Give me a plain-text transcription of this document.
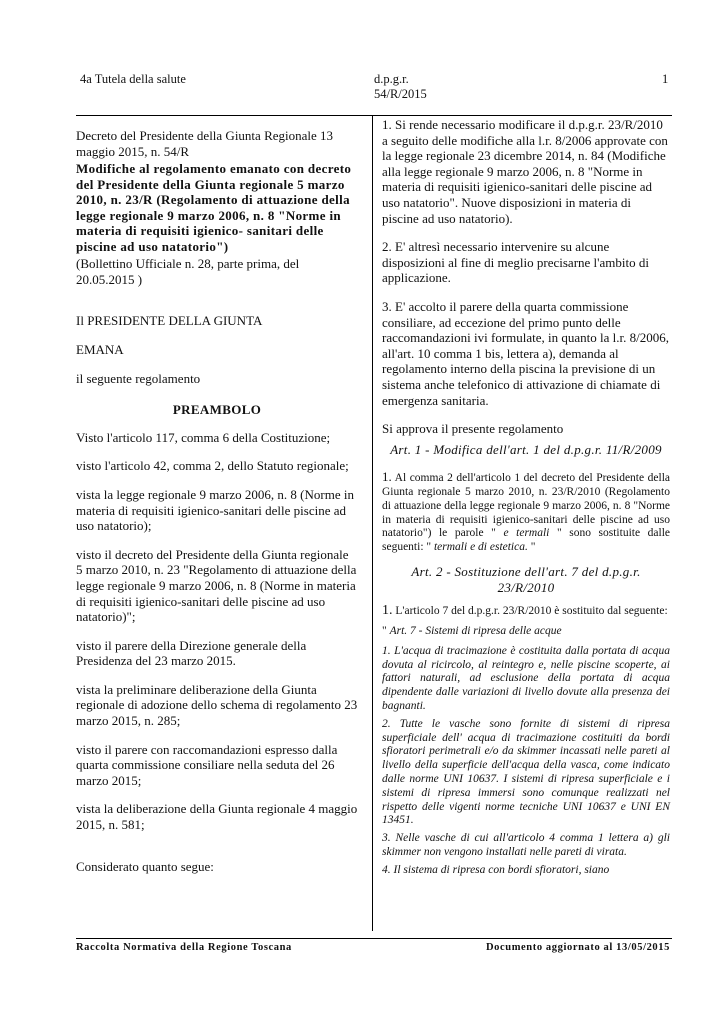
4a Tutela della salute	d.p.g.r.
54/R/2015
1

Decreto del Presidente della Giunta Regionale 13 maggio 2015, n. 54/R

Modifiche al regolamento emanato con decreto del Presidente della Giunta regionale 5 marzo 2010, n. 23/R (Regolamento di attuazione della legge regionale 9 marzo 2006, n. 8 "Norme in materia di requisiti igienico- sanitari delle piscine ad uso natatorio")

(Bollettino Ufficiale n. 28, parte prima, del 20.05.2015 )

Il PRESIDENTE DELLA GIUNTA

EMANA

il seguente regolamento

PREAMBOLO

Visto l'articolo 117, comma 6 della Costituzione;

visto l'articolo 42, comma 2, dello Statuto regionale;

vista la legge regionale 9 marzo 2006, n. 8 (Norme in materia di requisiti igienico-sanitari delle piscine ad uso natatorio);

visto il decreto del Presidente della Giunta regionale 5 marzo 2010, n. 23 "Regolamento di attuazione della legge regionale 9 marzo 2006, n. 8 (Norme in materia di requisiti igienico-sanitari delle piscine ad uso natatorio)";

visto il parere della Direzione generale della Presidenza del 23 marzo 2015.

vista la preliminare deliberazione della Giunta regionale di adozione dello schema di regolamento 23 marzo 2015, n. 285;

visto il parere con raccomandazioni espresso dalla quarta commissione consiliare nella seduta del 26 marzo 2015;

vista la deliberazione della Giunta regionale 4 maggio 2015, n. 581;

Considerato quanto segue:

1. Si rende necessario modificare il d.p.g.r. 23/R/2010 a seguito delle modifiche alla l.r. 8/2006 approvate con la legge regionale 23 dicembre 2014, n. 84 (Modifiche alla legge regionale 9 marzo 2006, n. 8 "Norme in materia di requisiti igienico-sanitari delle piscine ad uso natatorio". Nuove disposizioni in materia di piscine ad uso natatorio).

2. E' altresì necessario intervenire su alcune disposizioni al fine di meglio precisarne l'ambito di applicazione.

3. E' accolto il parere della quarta commissione consiliare, ad eccezione del primo punto delle raccomandazioni ivi formulate, in quanto la l.r. 8/2006, all'art. 10 comma 1 bis, lettera a), demanda al regolamento interno della piscina la previsione di un sistema anche telefonico di attivazione di chiamate di emergenza sanitaria.

Si approva il presente regolamento

Art. 1 - Modifica dell'art. 1 del d.p.g.r. 11/R/2009

1. Al comma 2 dell'articolo 1 del decreto del Presidente della Giunta regionale 5 marzo 2010, n. 23/R/2010 (Regolamento di attuazione della legge regionale 9 marzo 2006, n. 8 "Norme in materia di requisiti igienico-sanitari delle piscine ad uso natatorio") le parole " e termali " sono sostituite dalle seguenti: " termali e di estetica. "

Art. 2 - Sostituzione dell'art. 7 del d.p.g.r. 23/R/2010

1. L'articolo 7 del d.p.g.r. 23/R/2010 è sostituito dal seguente:

" Art. 7 - Sistemi di ripresa delle acque

1. L'acqua di tracimazione è costituita dalla portata di acqua dovuta al ricircolo, al reintegro e, nelle piscine scoperte, ai fattori naturali, ad esclusione della portata di acqua dipendente dalle variazioni di livello dovute alla presenza dei bagnanti.

2. Tutte le vasche sono fornite di sistemi di ripresa superficiale dell' acqua di tracimazione costituiti da bordi sfioratori perimetrali e/o da skimmer incassati nelle pareti al livello della superficie dell'acqua della vasca, come indicato dalle norme UNI 10637. I sistemi di ripresa superficiale e i sistemi di ripresa immersi sono comunque realizzati nel rispetto delle vigenti norme tecniche UNI 10637 e UNI EN 13451.

3. Nelle vasche di cui all'articolo 4 comma 1 lettera a) gli skimmer non vengono installati nelle pareti di virata.

4. Il sistema di ripresa con bordi sfioratori, siano

Raccolta Normativa della Regione Toscana	Documento aggiornato al 13/05/2015
